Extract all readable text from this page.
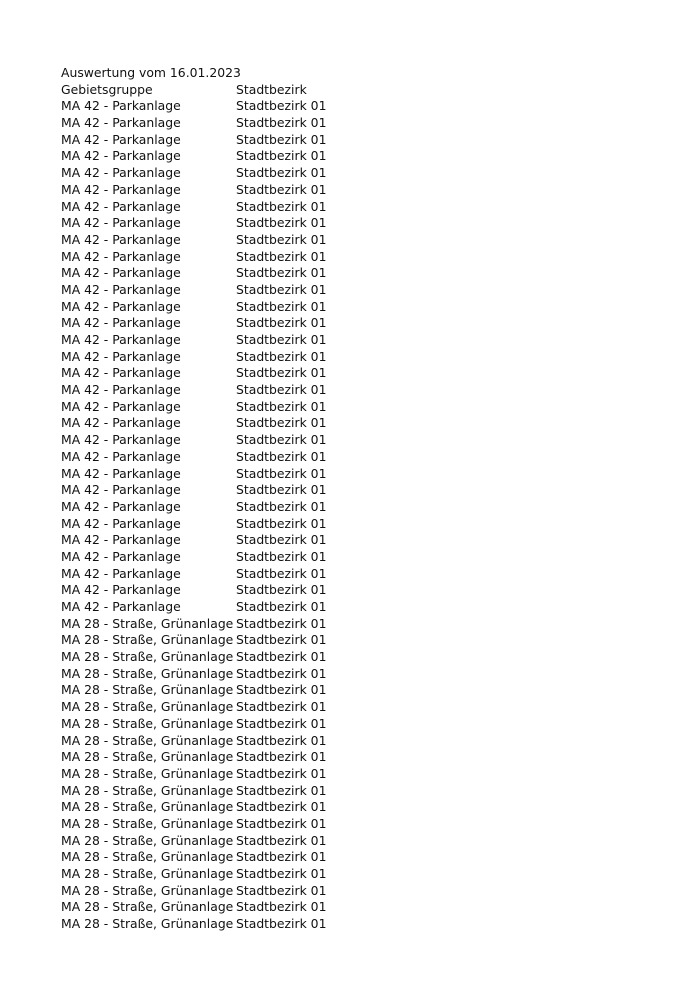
Auswertung vom 16.01.2023
Gebietsgruppe	Stadtbezirk
MA 42 - Parkanlage	Stadtbezirk 01
MA 42 - Parkanlage	Stadtbezirk 01
MA 42 - Parkanlage	Stadtbezirk 01
MA 42 - Parkanlage	Stadtbezirk 01
MA 42 - Parkanlage	Stadtbezirk 01
MA 42 - Parkanlage	Stadtbezirk 01
MA 42 - Parkanlage	Stadtbezirk 01
MA 42 - Parkanlage	Stadtbezirk 01
MA 42 - Parkanlage	Stadtbezirk 01
MA 42 - Parkanlage	Stadtbezirk 01
MA 42 - Parkanlage	Stadtbezirk 01
MA 42 - Parkanlage	Stadtbezirk 01
MA 42 - Parkanlage	Stadtbezirk 01
MA 42 - Parkanlage	Stadtbezirk 01
MA 42 - Parkanlage	Stadtbezirk 01
MA 42 - Parkanlage	Stadtbezirk 01
MA 42 - Parkanlage	Stadtbezirk 01
MA 42 - Parkanlage	Stadtbezirk 01
MA 42 - Parkanlage	Stadtbezirk 01
MA 42 - Parkanlage	Stadtbezirk 01
MA 42 - Parkanlage	Stadtbezirk 01
MA 42 - Parkanlage	Stadtbezirk 01
MA 42 - Parkanlage	Stadtbezirk 01
MA 42 - Parkanlage	Stadtbezirk 01
MA 42 - Parkanlage	Stadtbezirk 01
MA 42 - Parkanlage	Stadtbezirk 01
MA 42 - Parkanlage	Stadtbezirk 01
MA 42 - Parkanlage	Stadtbezirk 01
MA 42 - Parkanlage	Stadtbezirk 01
MA 42 - Parkanlage	Stadtbezirk 01
MA 42 - Parkanlage	Stadtbezirk 01
MA 28 - Straße, Grünanlage Stadtbezirk 01
MA 28 - Straße, Grünanlage Stadtbezirk 01
MA 28 - Straße, Grünanlage Stadtbezirk 01
MA 28 - Straße, Grünanlage Stadtbezirk 01
MA 28 - Straße, Grünanlage Stadtbezirk 01
MA 28 - Straße, Grünanlage Stadtbezirk 01
MA 28 - Straße, Grünanlage Stadtbezirk 01
MA 28 - Straße, Grünanlage Stadtbezirk 01
MA 28 - Straße, Grünanlage Stadtbezirk 01
MA 28 - Straße, Grünanlage Stadtbezirk 01
MA 28 - Straße, Grünanlage Stadtbezirk 01
MA 28 - Straße, Grünanlage Stadtbezirk 01
MA 28 - Straße, Grünanlage Stadtbezirk 01
MA 28 - Straße, Grünanlage Stadtbezirk 01
MA 28 - Straße, Grünanlage Stadtbezirk 01
MA 28 - Straße, Grünanlage Stadtbezirk 01
MA 28 - Straße, Grünanlage Stadtbezirk 01
MA 28 - Straße, Grünanlage Stadtbezirk 01
MA 28 - Straße, Grünanlage Stadtbezirk 01
